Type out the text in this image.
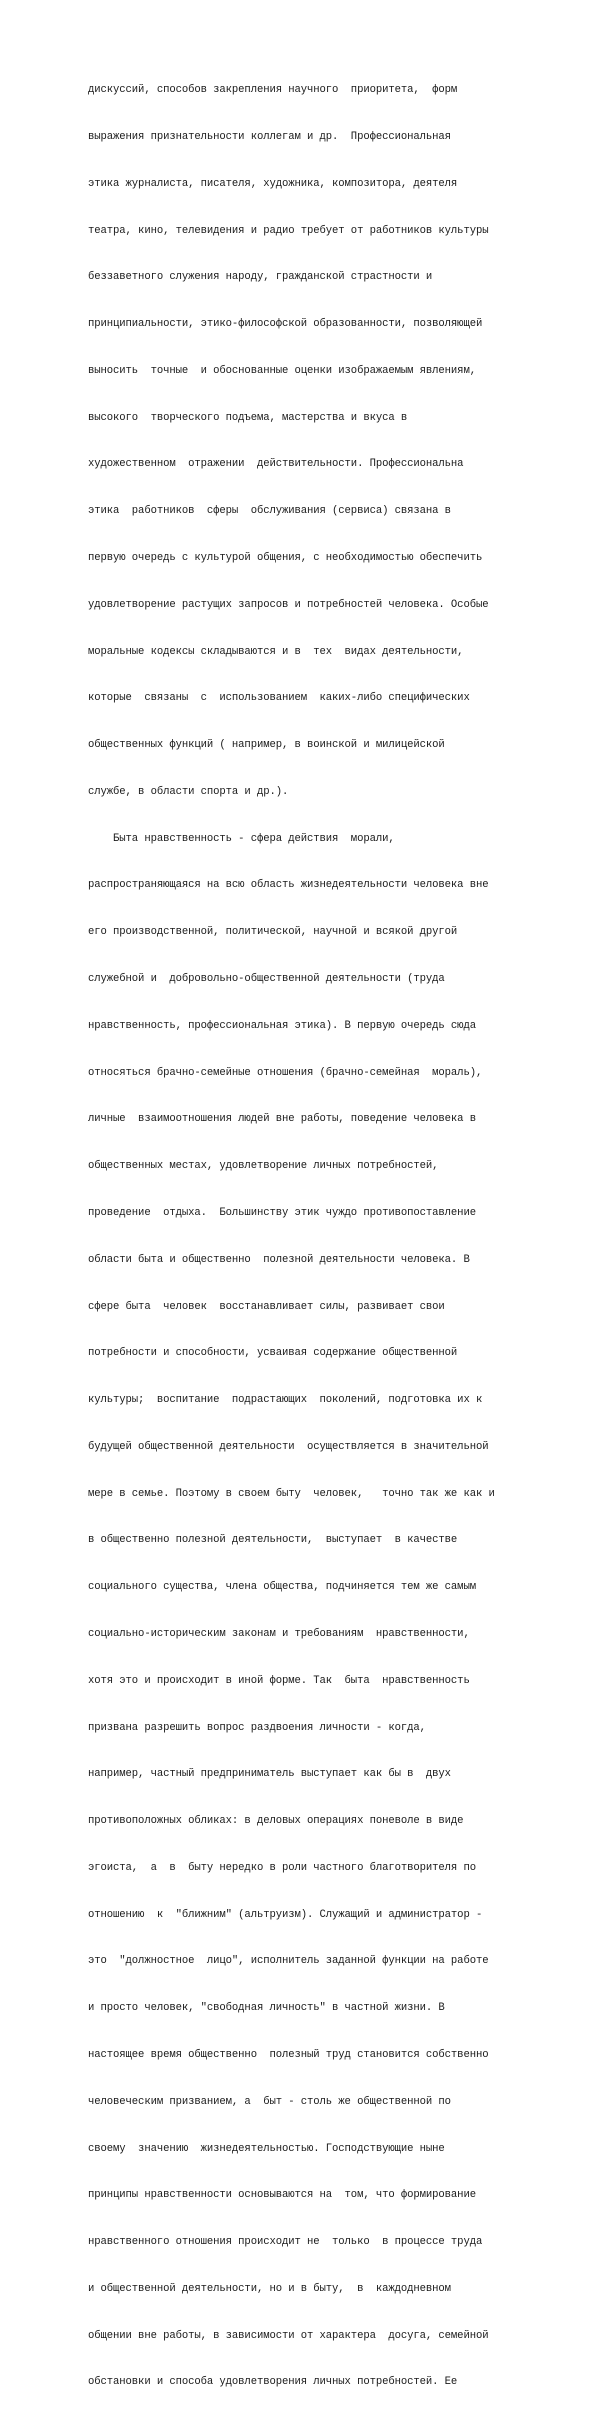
дискуссий, способов закрепления научного  приоритета,  форм

выражения признательности коллегам и др.  Профессиональная

этика журналиста, писателя, художника, композитора, деятеля

театра, кино, телевидения и радио требует от работников культуры

беззаветного служения народу, гражданской страстности и

принципиальности, этико-философской образованности, позволяющей

выносить  точные  и обоснованные оценки изображаемым явлениям,

высокого  творческого подъема, мастерства и вкуса в

художественном  отражении  действительности. Профессиональна

этика  работников  сферы  обслуживания (сервиса) связана в

первую очередь с культурой общения, с необходимостью обеспечить

удовлетворение растущих запросов и потребностей человека. Особые

моральные кодексы складываются и в  тех  видах деятельности,

которые  связаны  с  использованием  каких-либо специфических

общественных функций ( например, в воинской и милицейской

службе, в области спорта и др.).

Быта нравственность - сфера действия  морали,

распространяющаяся на всю область жизнедеятельности человека вне

его производственной, политической, научной и всякой другой

служебной и  добровольно-общественной деятельности (труда

нравственность, профессиональная этика). В первую очередь сюда

относяться брачно-семейные отношения (брачно-семейная  мораль),

личные  взаимоотношения людей вне работы, поведение человека в

общественных местах, удовлетворение личных потребностей,

проведение  отдыха.  Большинству этик чуждо противопоставление

области быта и общественно  полезной деятельности человека. В

сфере быта  человек  восстанавливает силы, развивает свои

потребности и способности, усваивая содержание общественной

культуры;  воспитание  подрастающих  поколений, подготовка их к

будущей общественной деятельности  осуществляется в значительной

мере в семье. Поэтому в своем быту  человек,   точно так же как и

в общественно полезной деятельности,  выступает  в качестве

социального существа, члена общества, подчиняется тем же самым

социально-историческим законам и требованиям  нравственности,

хотя это и происходит в иной форме. Так  быта  нравственность

призвана разрешить вопрос раздвоения личности - когда,

например, частный предприниматель выступает как бы в  двух

противоположных обликах: в деловых операциях поневоле в виде

эгоиста,  а  в  быту нередко в роли частного благотворителя по

отношению  к  "ближним" (альтруизм). Служащий и администратор -

это  "должностное  лицо", исполнитель заданной функции на работе

и просто человек, "свободная личность" в частной жизни. В

настоящее время общественно  полезный труд становится собственно

человеческим призванием, а  быт - столь же общественной по

своему  значению  жизнедеятельностью. Господствующие ныне

принципы нравственности основываются на  том, что формирование

нравственного отношения происходит не  только  в процессе труда

и общественной деятельности, но и в быту,  в  каждодневном

общении вне работы, в зависимости от характера  досуга, семейной

обстановки и способа удовлетворения личных потребностей. Ее
